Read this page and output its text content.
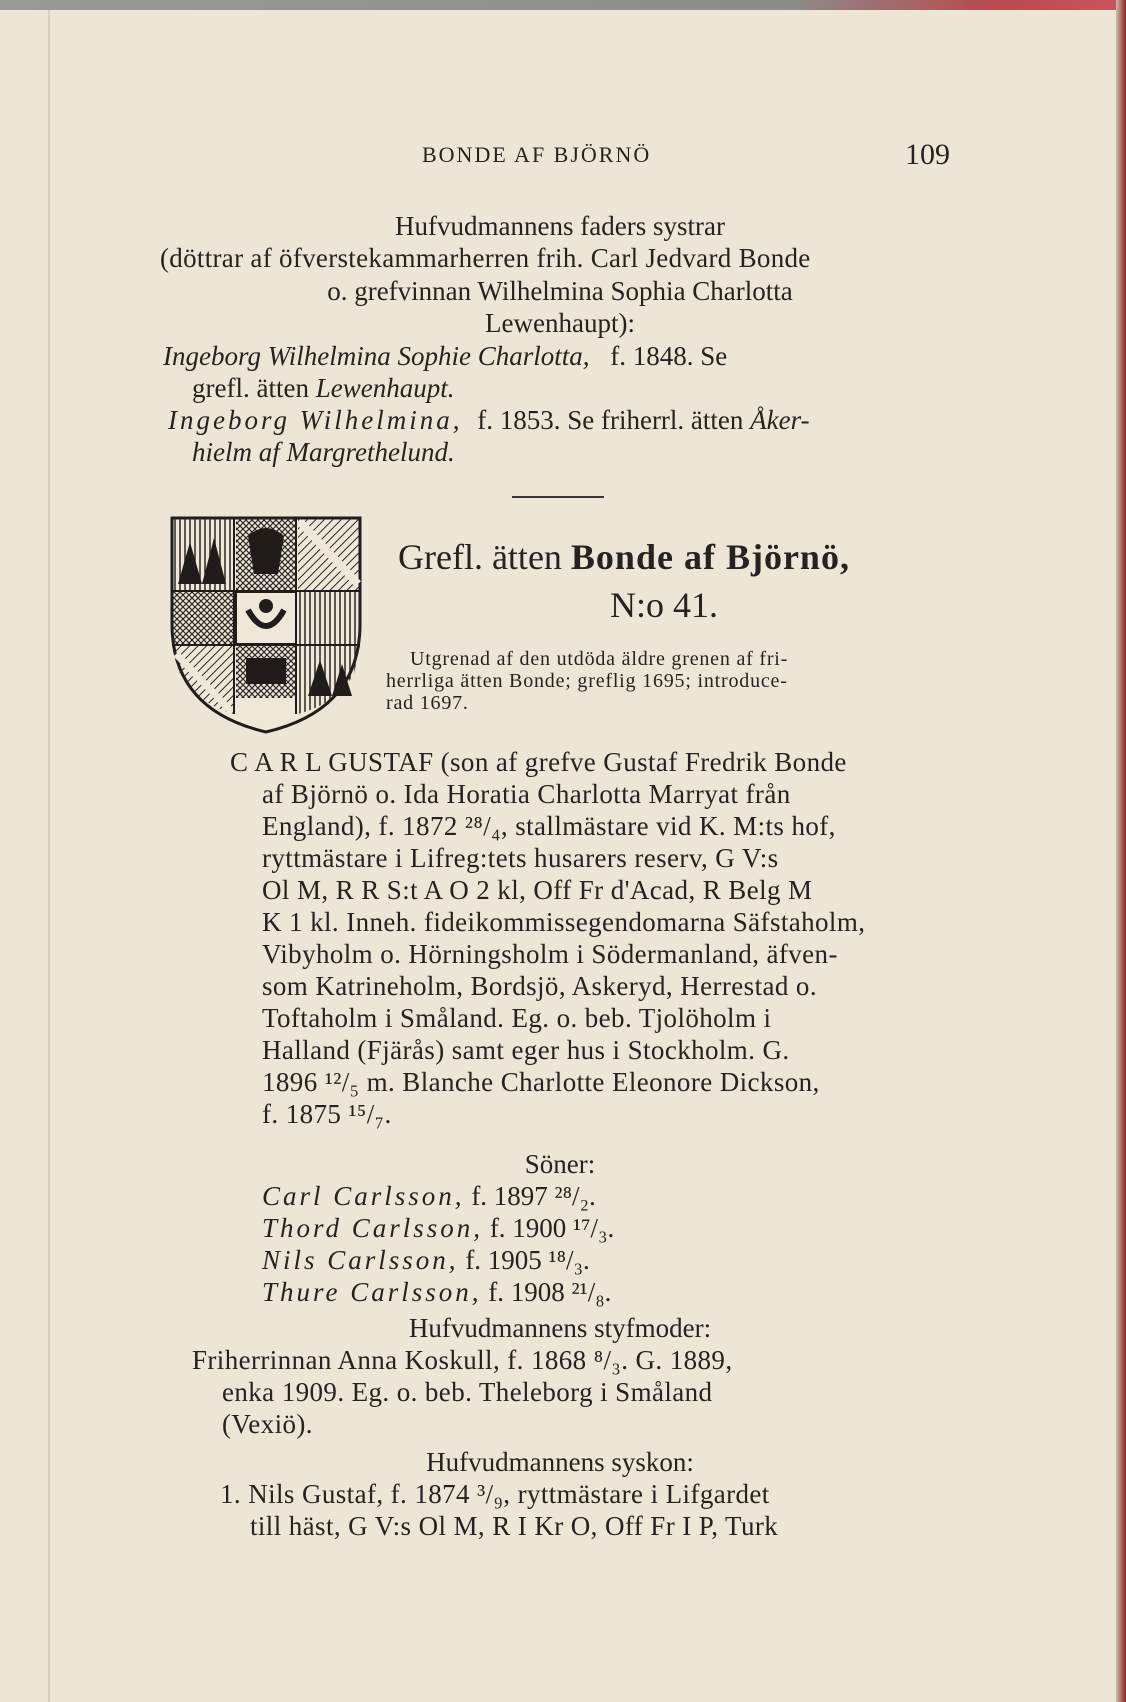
BONDE AF BJÖRNÖ	109
Hufvudmannens faders systrar
(döttrar af öfverstekammarherren frih. Carl Jedvard Bonde
o. grefvinnan Wilhelmina Sophia Charlotta
Lewenhaupt):
Ingeborg Wilhelmina Sophie Charlotta, f. 1848. Se
grefl. ätten Lewenhaupt.
Ingeborg Wilhelmina, f. 1853. Se friherrl. ätten Åker-
hielm af Margrethelund.
Grefl. ätten Bonde af Björnö,
N:o 41.
Utgrenad af den utdöda äldre grenen af fri-
herrliga ätten Bonde; greflig 1695; introduce-
rad 1697.
C A R L GUSTAF (son af grefve Gustaf Fredrik Bonde
af Björnö o. Ida Horatia Charlotta Marryat från
England), f. 1872 ²⁸/₄, stallmästare vid K. M:ts hof,
ryttmästare i Lifreg:tets husarers reserv, G V:s
Ol M, R R S:t A O 2 kl, Off Fr d'Acad, R Belg M
K 1 kl. Inneh. fideikommissegendomarna Säfstaholm,
Vibyholm o. Hörningsholm i Södermanland, äfven-
som Katrineholm, Bordsjö, Askeryd, Herrestad o.
Toftaholm i Småland. Eg. o. beb. Tjolöholm i
Halland (Fjärås) samt eger hus i Stockholm. G.
1896 ¹²/₅ m. Blanche Charlotte Eleonore Dickson,
f. 1875 ¹⁵/₇.
Söner:
Carl Carlsson, f. 1897 ²⁸/₂.
Thord Carlsson, f. 1900 ¹⁷/₃.
Nils Carlsson, f. 1905 ¹⁸/₃.
Thure Carlsson, f. 1908 ²¹/₈.
Hufvudmannens styfmoder:
Friherrinnan Anna Koskull, f. 1868 ⁸/₃. G. 1889,
enka 1909. Eg. o. beb. Theleborg i Småland
(Vexiö).
Hufvudmannens syskon:
1. Nils Gustaf, f. 1874 ³/₉, ryttmästare i Lifgardet
till häst, G V:s Ol M, R I Kr O, Off Fr I P, Turk
